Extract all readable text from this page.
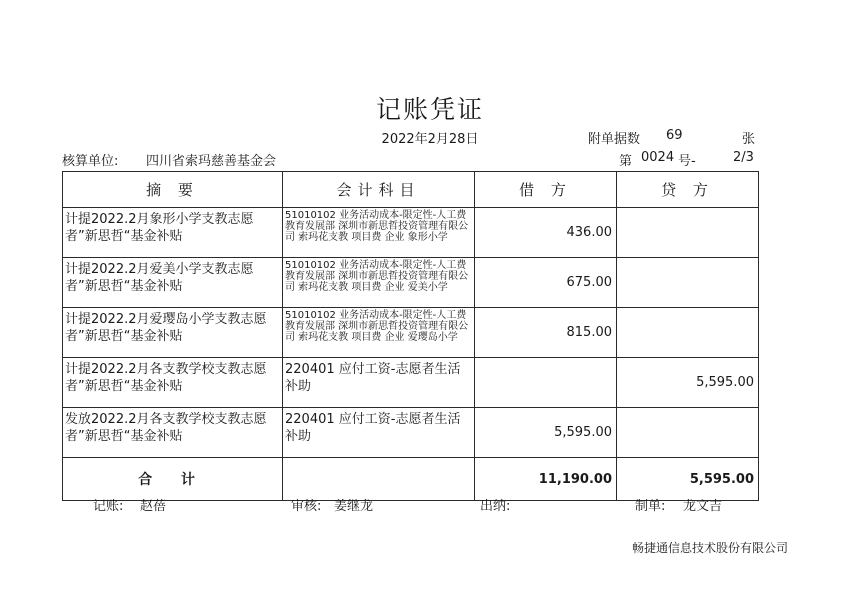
记账凭证
2022年2月28日	附单据数 69	张
核算单位: 四川省索玛慈善基金会	第 0024 号-	2/3
摘 要	会计科目	借 方	贷 方
计提2022.2月象形小学支教志愿者”新思哲“基金补贴	51010102 业务活动成本-限定性-人工费 教育发展部 深圳市新思哲投资管理有限公司 索玛花支教 项目费 企业 象形小学	436.00	
计提2022.2月爱美小学支教志愿者”新思哲“基金补贴	51010102 业务活动成本-限定性-人工费 教育发展部 深圳市新思哲投资管理有限公司 索玛花支教 项目费 企业 爱美小学	675.00	
计提2022.2月爱璎岛小学支教志愿者”新思哲“基金补贴	51010102 业务活动成本-限定性-人工费 教育发展部 深圳市新思哲投资管理有限公司 索玛花支教 项目费 企业 爱璎岛小学	815.00	
计提2022.2月各支教学校支教志愿者”新思哲“基金补贴	220401 应付工资-志愿者生活补助		5,595.00
发放2022.2月各支教学校支教志愿者”新思哲“基金补贴	220401 应付工资-志愿者生活补助	5,595.00	
合 计		11,190.00	5,595.00
记账: 赵蓓	审核: 姜继龙	出纳:	制单: 龙文吉
畅捷通信息技术股份有限公司
